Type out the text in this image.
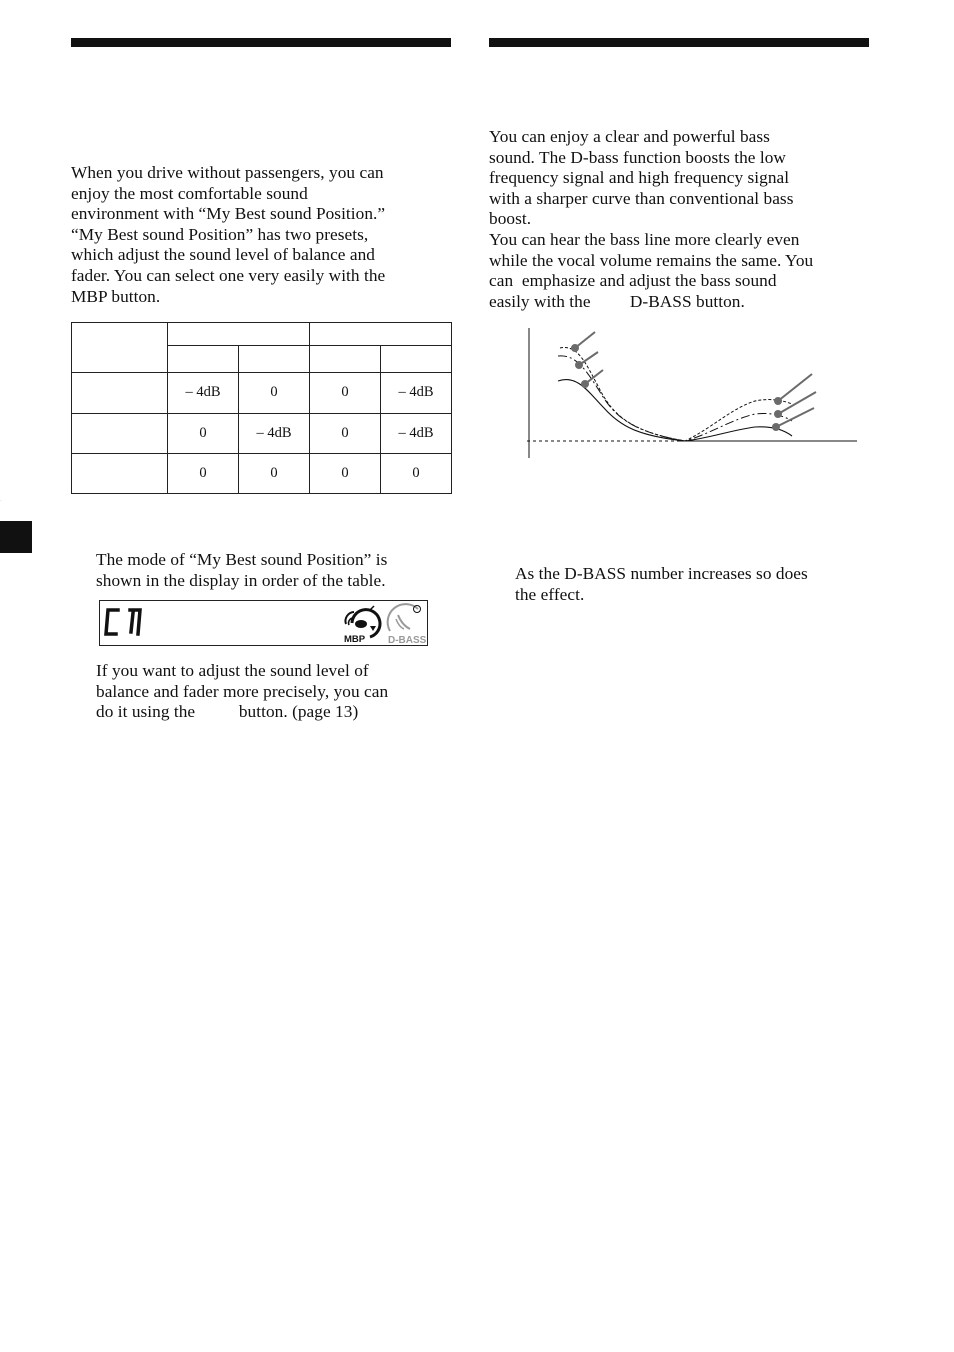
When you drive without passengers, you can
enjoy the most comfortable sound
environment with “My Best sound Position.”
“My Best sound Position” has two presets,
which adjust the sound level of balance and
fader. You can select one very easily with the
MBP button.

	– 4dB	0	0	– 4dB
	0	– 4dB	0	– 4dB
	0	0	0	0

The mode of “My Best sound Position” is
shown in the display in order of the table.

C 1
MBP D-BASS

If you want to adjust the sound level of
balance and fader more precisely, you can
do it using the          button. (page 13)

You can enjoy a clear and powerful bass
sound. The D-bass function boosts the low
frequency signal and high frequency signal
with a sharper curve than conventional bass
boost.
You can hear the bass line more clearly even
while the vocal volume remains the same. You
can  emphasize and adjust the bass sound
easily with the         D-BASS button.

As the D-BASS number increases so does
the effect.
